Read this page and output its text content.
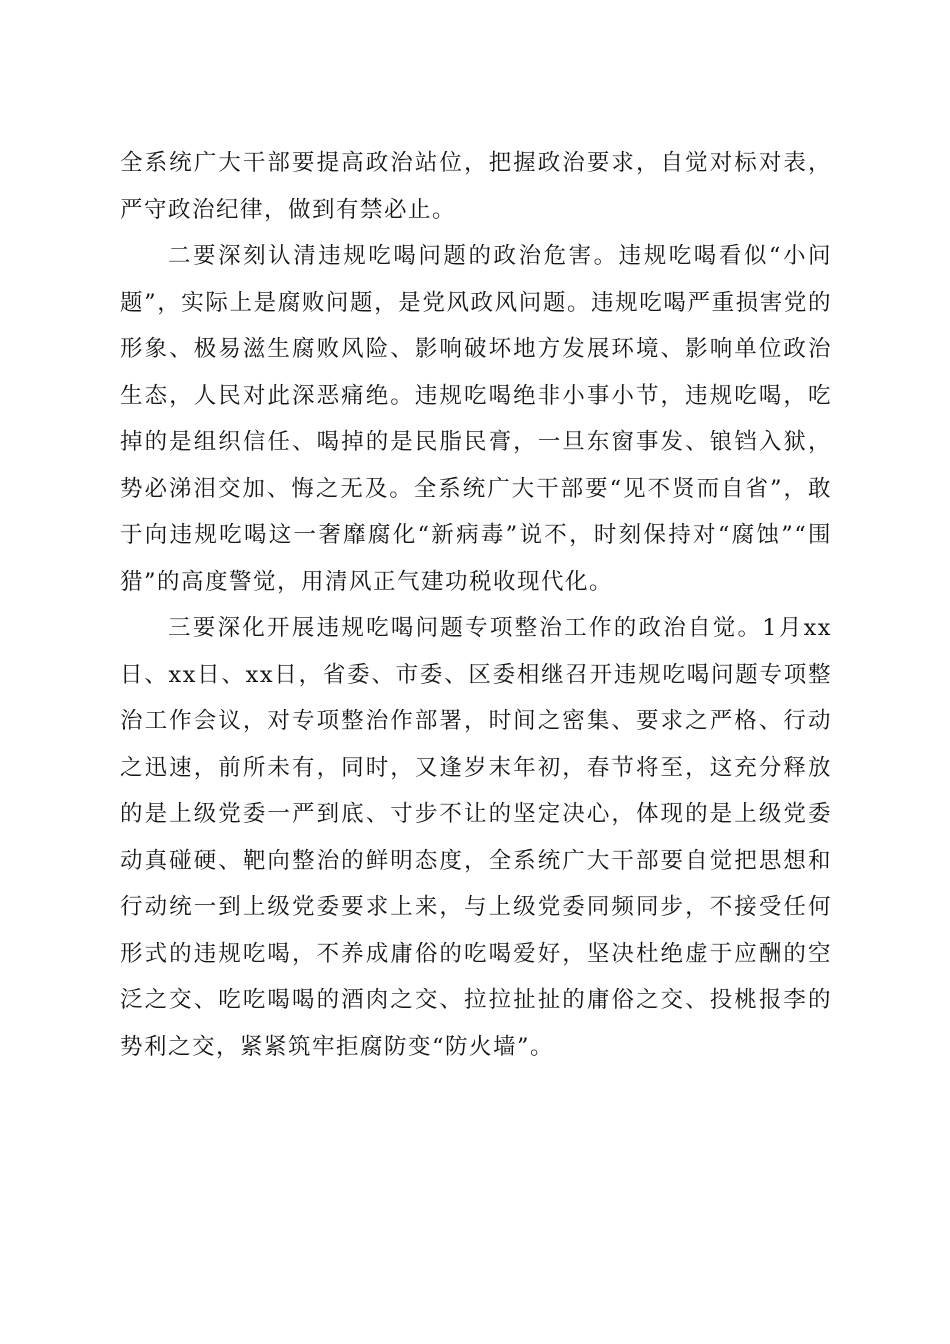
全系统广大干部要提高政治站位，把握政治要求，自觉对标对表，严守政治纪律，做到有禁必止。

二要深刻认清违规吃喝问题的政治危害。违规吃喝看似“小问题”，实际上是腐败问题，是党风政风问题。违规吃喝严重损害党的形象、极易滋生腐败风险、影响破坏地方发展环境、影响单位政治生态，人民对此深恶痛绝。违规吃喝绝非小事小节，违规吃喝，吃掉的是组织信任、喝掉的是民脂民膏，一旦东窗事发、锒铛入狱，势必涕泪交加、悔之无及。全系统广大干部要“见不贤而自省”，敢于向违规吃喝这一奢靡腐化“新病毒”说不，时刻保持对“腐蚀”“围猎”的高度警觉，用清风正气建功税收现代化。

三要深化开展违规吃喝问题专项整治工作的政治自觉。1月xx日、xx日、xx日，省委、市委、区委相继召开违规吃喝问题专项整治工作会议，对专项整治作部署，时间之密集、要求之严格、行动之迅速，前所未有，同时，又逢岁末年初，春节将至，这充分释放的是上级党委一严到底、寸步不让的坚定决心，体现的是上级党委动真碰硬、靶向整治的鲜明态度，全系统广大干部要自觉把思想和行动统一到上级党委要求上来，与上级党委同频同步，不接受任何形式的违规吃喝，不养成庸俗的吃喝爱好，坚决杜绝虚于应酬的空泛之交、吃吃喝喝的酒肉之交、拉拉扯扯的庸俗之交、投桃报李的势利之交，紧紧筑牢拒腐防变“防火墙”。
